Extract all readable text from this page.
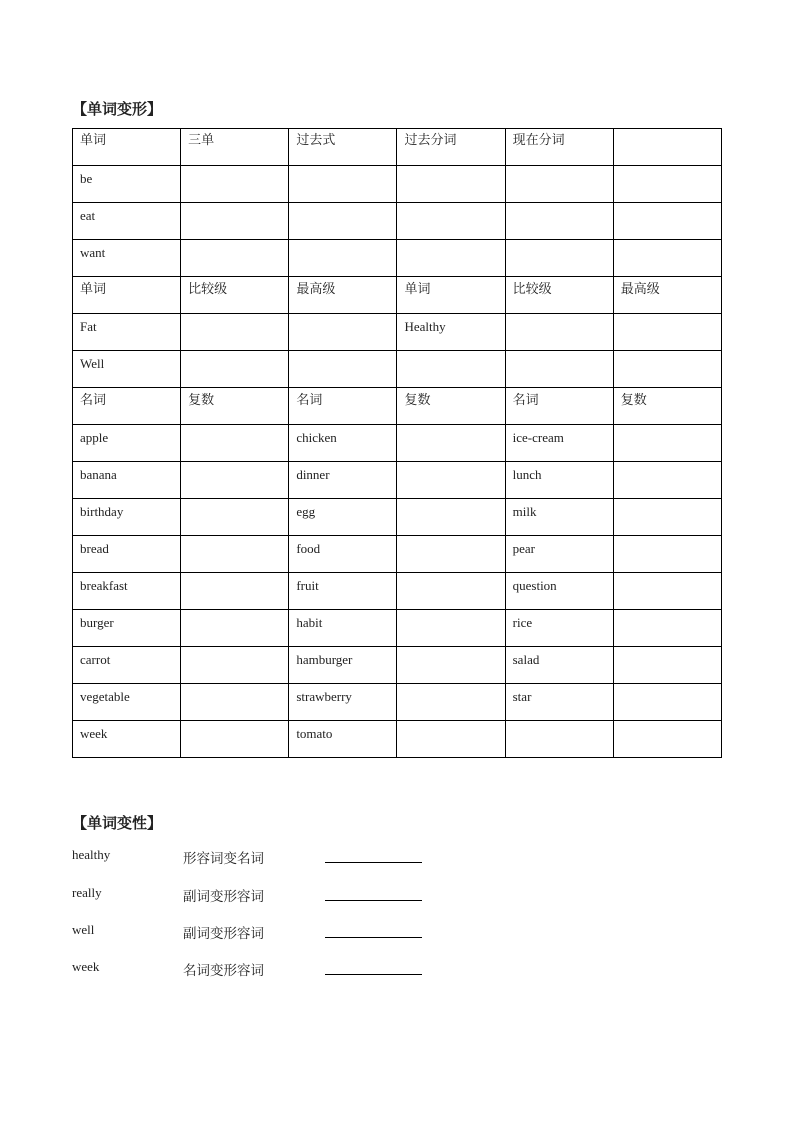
【单词变形】
单词	三单	过去式	过去分词	现在分词	
be					
eat					
want					
单词	比较级	最高级	单词	比较级	最高级
Fat			Healthy		
Well					
名词	复数	名词	复数	名词	复数
apple		chicken		ice-cream	
banana		dinner		lunch	
birthday		egg		milk	
bread		food		pear	
breakfast		fruit		question	
burger		habit		rice	
carrot		hamburger		salad	
vegetable		strawberry		star	
week		tomato			
【单词变性】
healthy	形容词变名词
really	副词变形容词
well	副词变形容词
week	名词变形容词
